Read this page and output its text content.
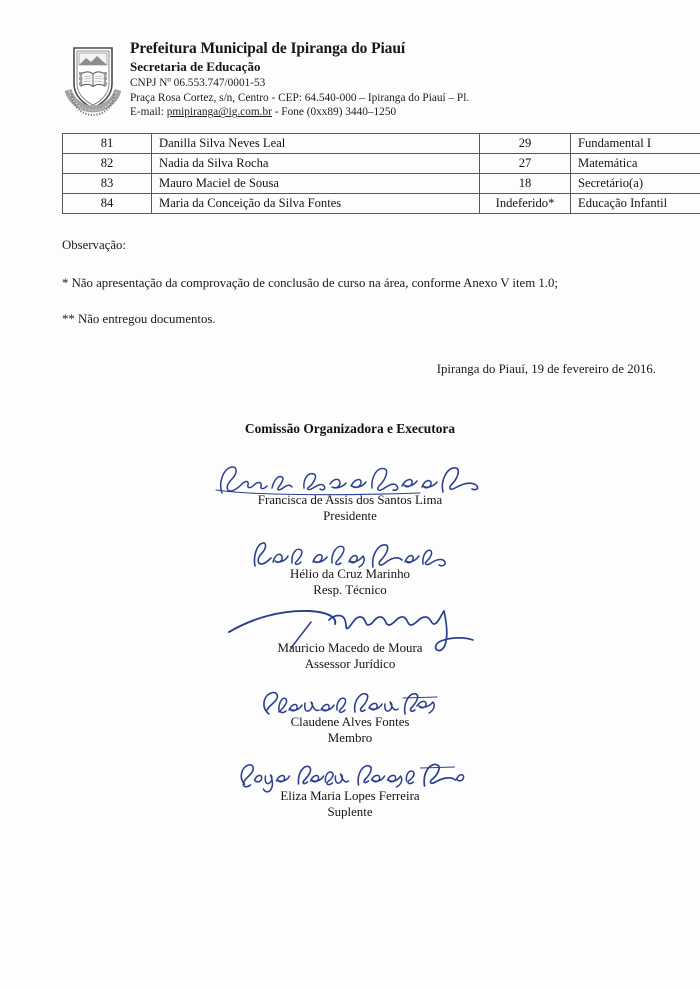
Prefeitura Municipal de Ipiranga do Piauí
Secretaria de Educação
CNPJ Nº 06.553.747/0001-53
Praça Rosa Cortez, s/n, Centro - CEP: 64.540-000 – Ipiranga do Piauí – Pl.
E-mail: pmipiranga@ig.com.br - Fone (0xx89) 3440–1250
81	Danilla Silva Neves Leal	29	Fundamental I
82	Nadia da Silva Rocha	27	Matemática
83	Mauro Maciel de Sousa	18	Secretário(a)
84	Maria da Conceição da Silva Fontes	Indeferido*	Educação Infantil
Observação:
* Não apresentação da comprovação de conclusão de curso na área, conforme Anexo V item 1.0;
** Não entregou documentos.
Ipiranga do Piauí, 19 de fevereiro de 2016.
Comissão Organizadora e Executora
Francisca de Assis dos Santos Lima
Presidente
Hélio da Cruz Marinho
Resp. Técnico
Mauricio Macedo de Moura
Assessor Jurídico
Claudene Alves Fontes
Membro
Eliza Maria Lopes Ferreira
Suplente
